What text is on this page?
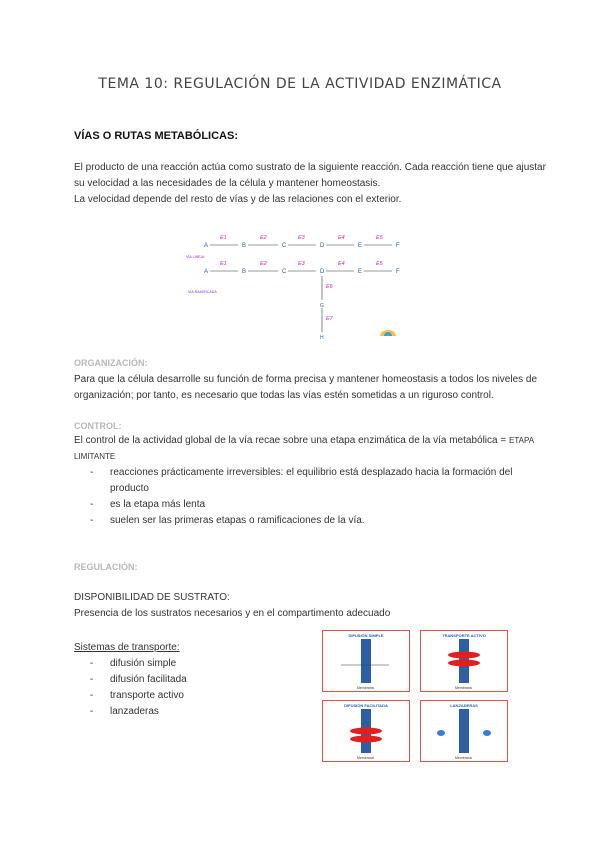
TEMA 10: REGULACIÓN DE LA ACTIVIDAD ENZIMÁTICA
VÍAS O RUTAS METABÓLICAS:
El producto de una reacción actúa como sustrato de la siguiente reacción. Cada reacción tiene que ajustar
su velocidad a las necesidades de la célula y mantener homeostasis.
La velocidad depende del resto de vías y de las relaciones con el exterior.
A	B	C	D	E	F
E1	E2	E3	E4	E5
VÍA LINEAL
A	B	C	D	E	F
E1	E2	E3	E4	E5
E6
E7
VÍA RAMIFICADA
G
H
ORGANIZACIÓN:
Para que la célula desarrolle su función de forma precisa y mantener homeostasis a todos los niveles de
organización; por tanto, es necesario que todas las vías estén sometidas a un riguroso control.
CONTROL:
El control de la actividad global de la vía recae sobre una etapa enzimática de la vía metabólica = ETAPA
LIMITANTE
- reacciones prácticamente irreversibles: el equilibrio está desplazado hacia la formación del
producto
- es la etapa más lenta
- suelen ser las primeras etapas o ramificaciones de la vía.
REGULACIÓN:
DISPONIBILIDAD DE SUSTRATO:
Presencia de los sustratos necesarios y en el compartimento adecuado
Sistemas de transporte:
- difusión simple
- difusión facilitada
- transporte activo
- lanzaderas
DIFUSIÓN SIMPLE
Membrana
TRANSPORTE ACTIVO
Membrana
DIFUSIÓN FACILITADA
Membrana
LANZADERAS
Membrana
